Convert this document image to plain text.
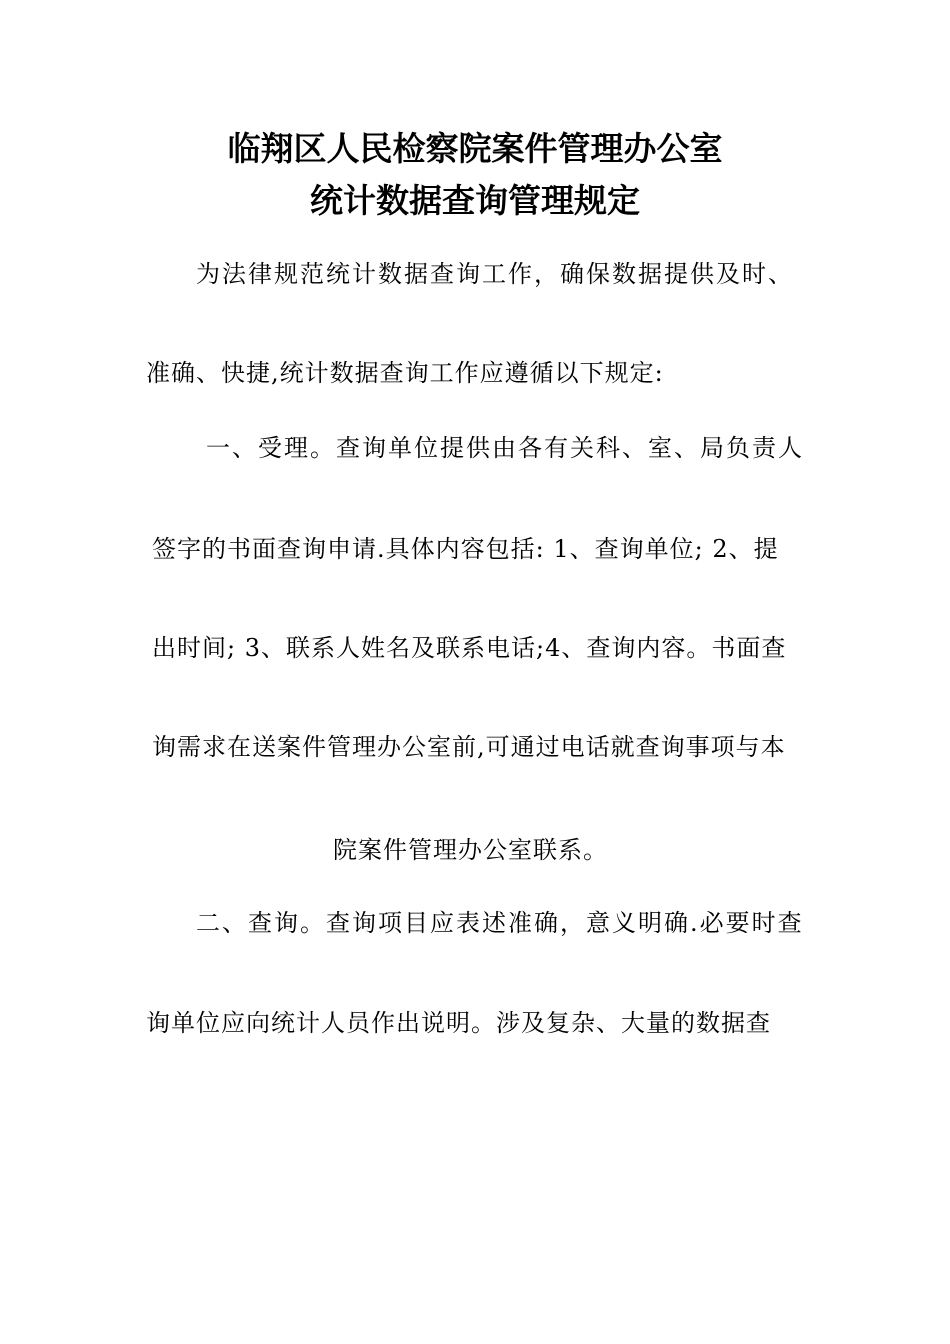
临翔区人民检察院案件管理办公室
统计数据查询管理规定
为法律规范统计数据查询工作，确保数据提供及时、
准确、快捷,统计数据查询工作应遵循以下规定:
一、受理。查询单位提供由各有关科、室、局负责人
签字的书面查询申请.具体内容包括: 1、查询单位; 2、提
出时间; 3、联系人姓名及联系电话;4、查询内容。书面查
询需求在送案件管理办公室前,可通过电话就查询事项与本
院案件管理办公室联系。
二、查询。查询项目应表述准确，意义明确.必要时查
询单位应向统计人员作出说明。涉及复杂、大量的数据查
